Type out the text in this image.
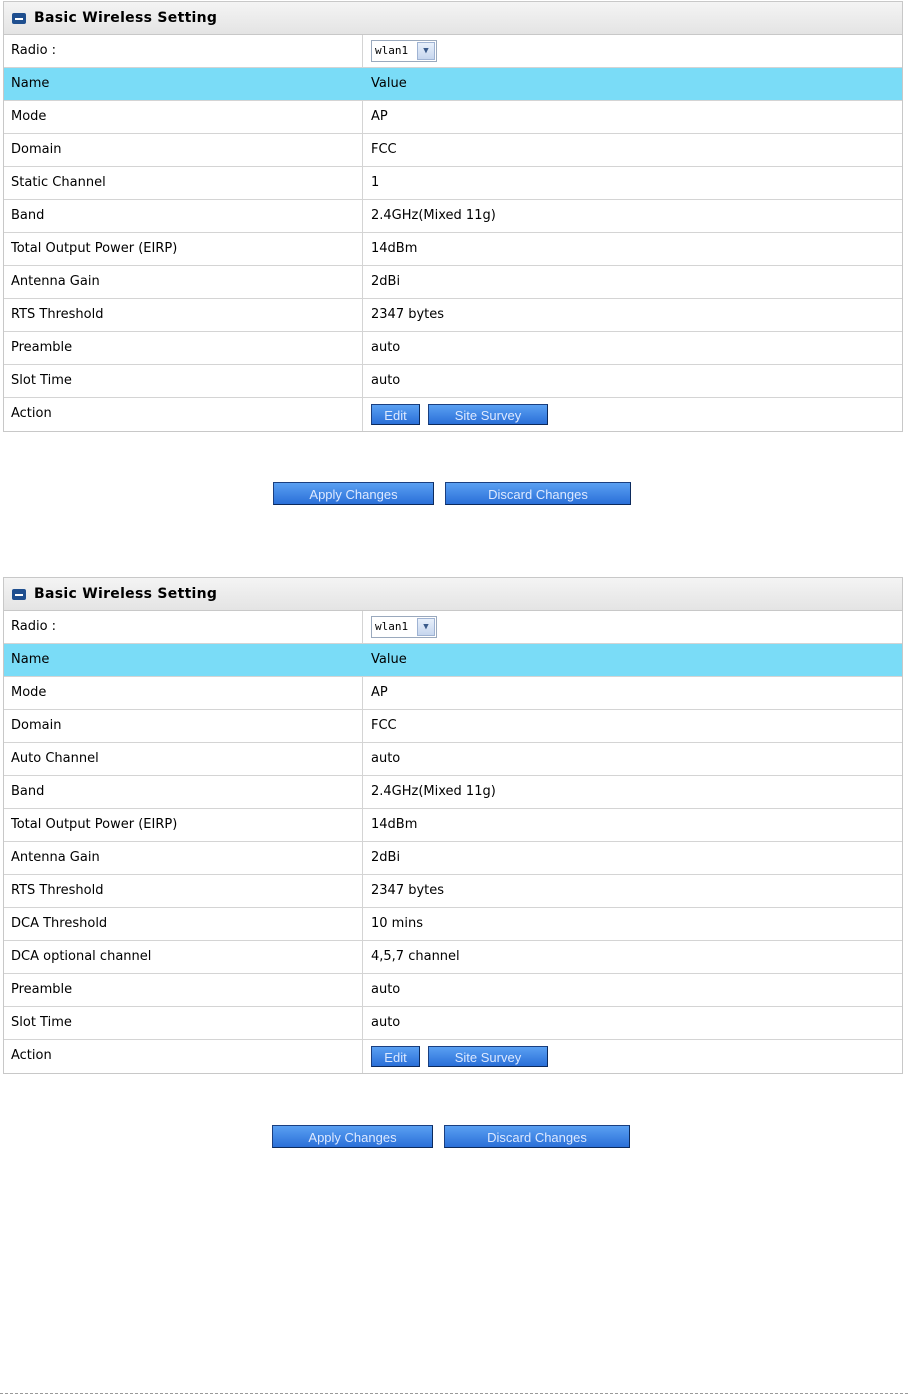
Basic Wireless Setting
Radio :	wlan1	▼
Name	Value
Mode	AP
Domain	FCC
Static Channel	1
Band	2.4GHz(Mixed 11g)
Total Output Power (EIRP)	14dBm
Antenna Gain	2dBi
RTS Threshold	2347 bytes
Preamble	auto
Slot Time	auto
Action	Edit	Site Survey
Apply Changes	Discard Changes
Basic Wireless Setting
Radio :	wlan1	▼
Name	Value
Mode	AP
Domain	FCC
Auto Channel	auto
Band	2.4GHz(Mixed 11g)
Total Output Power (EIRP)	14dBm
Antenna Gain	2dBi
RTS Threshold	2347 bytes
DCA Threshold	10 mins
DCA optional channel	4,5,7 channel
Preamble	auto
Slot Time	auto
Action	Edit	Site Survey
Apply Changes	Discard Changes
